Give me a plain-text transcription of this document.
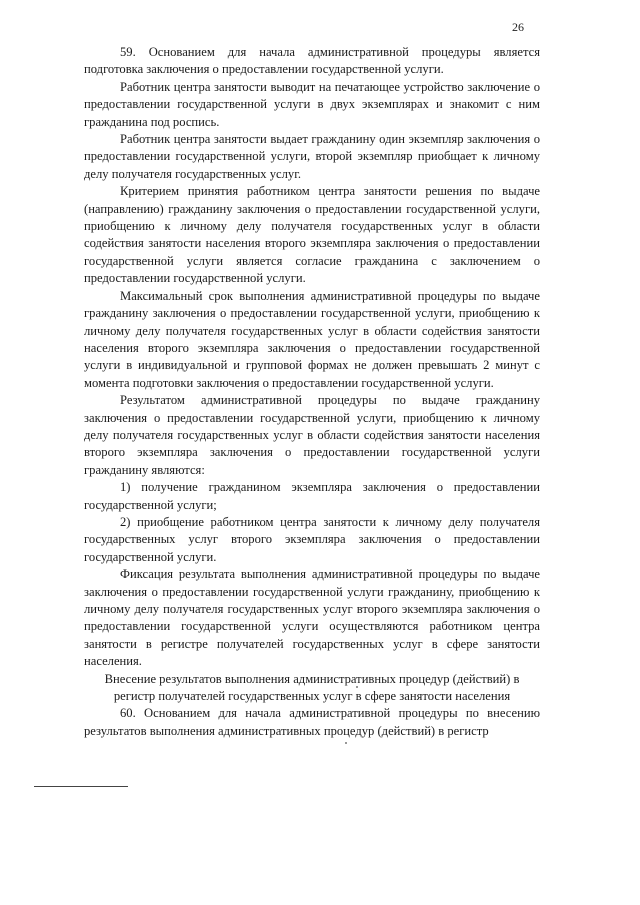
26

59. Основанием для начала административной процедуры является подготовка заключения о предоставлении государственной услуги.

Работник центра занятости выводит на печатающее устройство заключение о предоставлении государственной услуги в двух экземплярах и знакомит с ним гражданина под роспись.

Работник центра занятости выдает гражданину один экземпляр заключения о предоставлении государственной услуги, второй экземпляр приобщает к личному делу получателя государственных услуг.

Критерием принятия работником центра занятости решения по выдаче (направлению) гражданину заключения о предоставлении государственной услуги, приобщению к личному делу получателя государственных услуг в области содействия занятости населения второго экземпляра заключения о предоставлении государственной услуги является согласие гражданина с заключением о предоставлении государственной услуги.

Максимальный срок выполнения административной процедуры по выдаче гражданину заключения о предоставлении государственной услуги, приобщению к личному делу получателя государственных услуг в области содействия занятости населения второго экземпляра заключения о предоставлении государственной услуги в индивидуальной и групповой формах не должен превышать 2 минут с момента подготовки заключения о предоставлении государственной услуги.

Результатом административной процедуры по выдаче гражданину заключения о предоставлении государственной услуги, приобщению к личному делу получателя государственных услуг в области содействия занятости населения второго экземпляра заключения о предоставлении государственной услуги гражданину являются:

1) получение гражданином экземпляра заключения о предоставлении государственной услуги;

2) приобщение работником центра занятости к личному делу получателя государственных услуг второго экземпляра заключения о предоставлении государственной услуги.

Фиксация результата выполнения административной процедуры по выдаче заключения о предоставлении государственной услуги гражданину, приобщению к личному делу получателя государственных услуг второго экземпляра заключения о предоставлении государственной услуги осуществляются работником центра занятости в регистре получателей государственных услуг в сфере занятости населения.

Внесение результатов выполнения административных процедур (действий) в регистр получателей государственных услуг в сфере занятости населения

60. Основанием для начала административной процедуры по внесению результатов выполнения административных процедур (действий) в регистр
